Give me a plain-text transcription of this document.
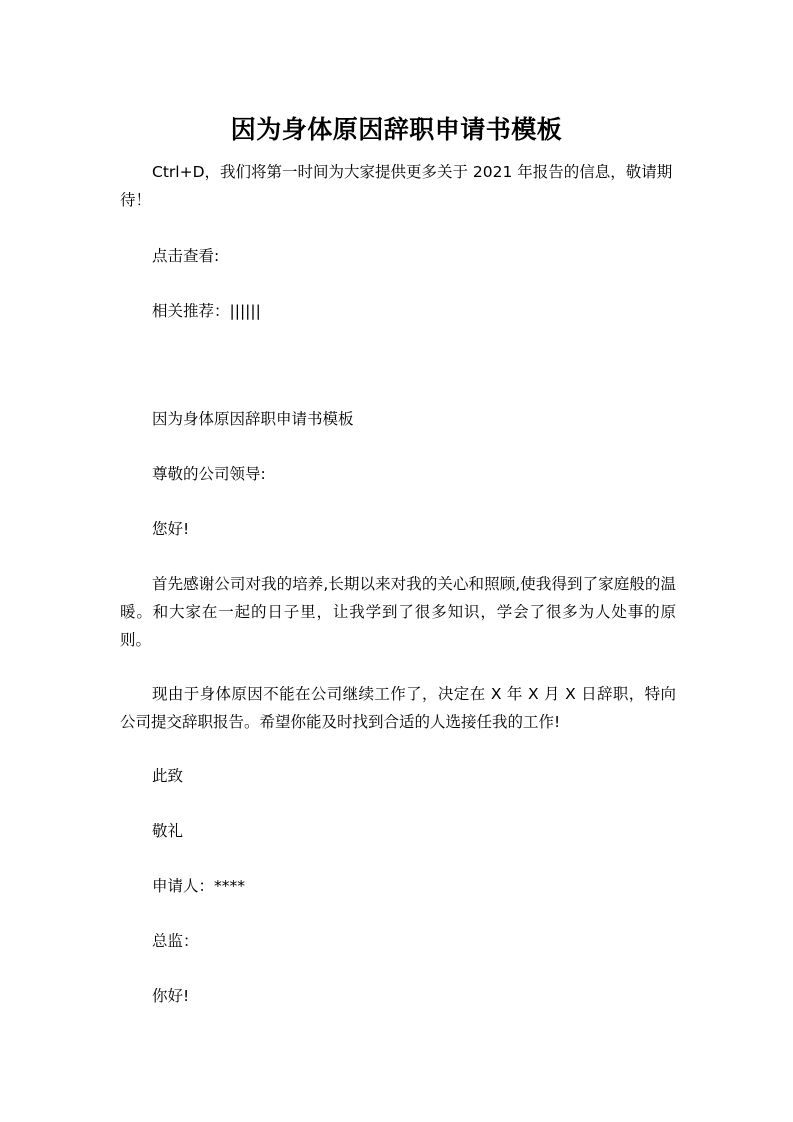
因为身体原因辞职申请书模板

Ctrl+D，我们将第一时间为大家提供更多关于 2021 年报告的信息，敬请期待！

点击查看:

相关推荐：||||||

因为身体原因辞职申请书模板

尊敬的公司领导:

您好!

首先感谢公司对我的培养,长期以来对我的关心和照顾,使我得到了家庭般的温暖。和大家在一起的日子里，让我学到了很多知识，学会了很多为人处事的原则。

现由于身体原因不能在公司继续工作了，决定在 X 年 X 月 X 日辞职，特向公司提交辞职报告。希望你能及时找到合适的人选接任我的工作!

此致

敬礼

申请人：****

总监：

你好!
